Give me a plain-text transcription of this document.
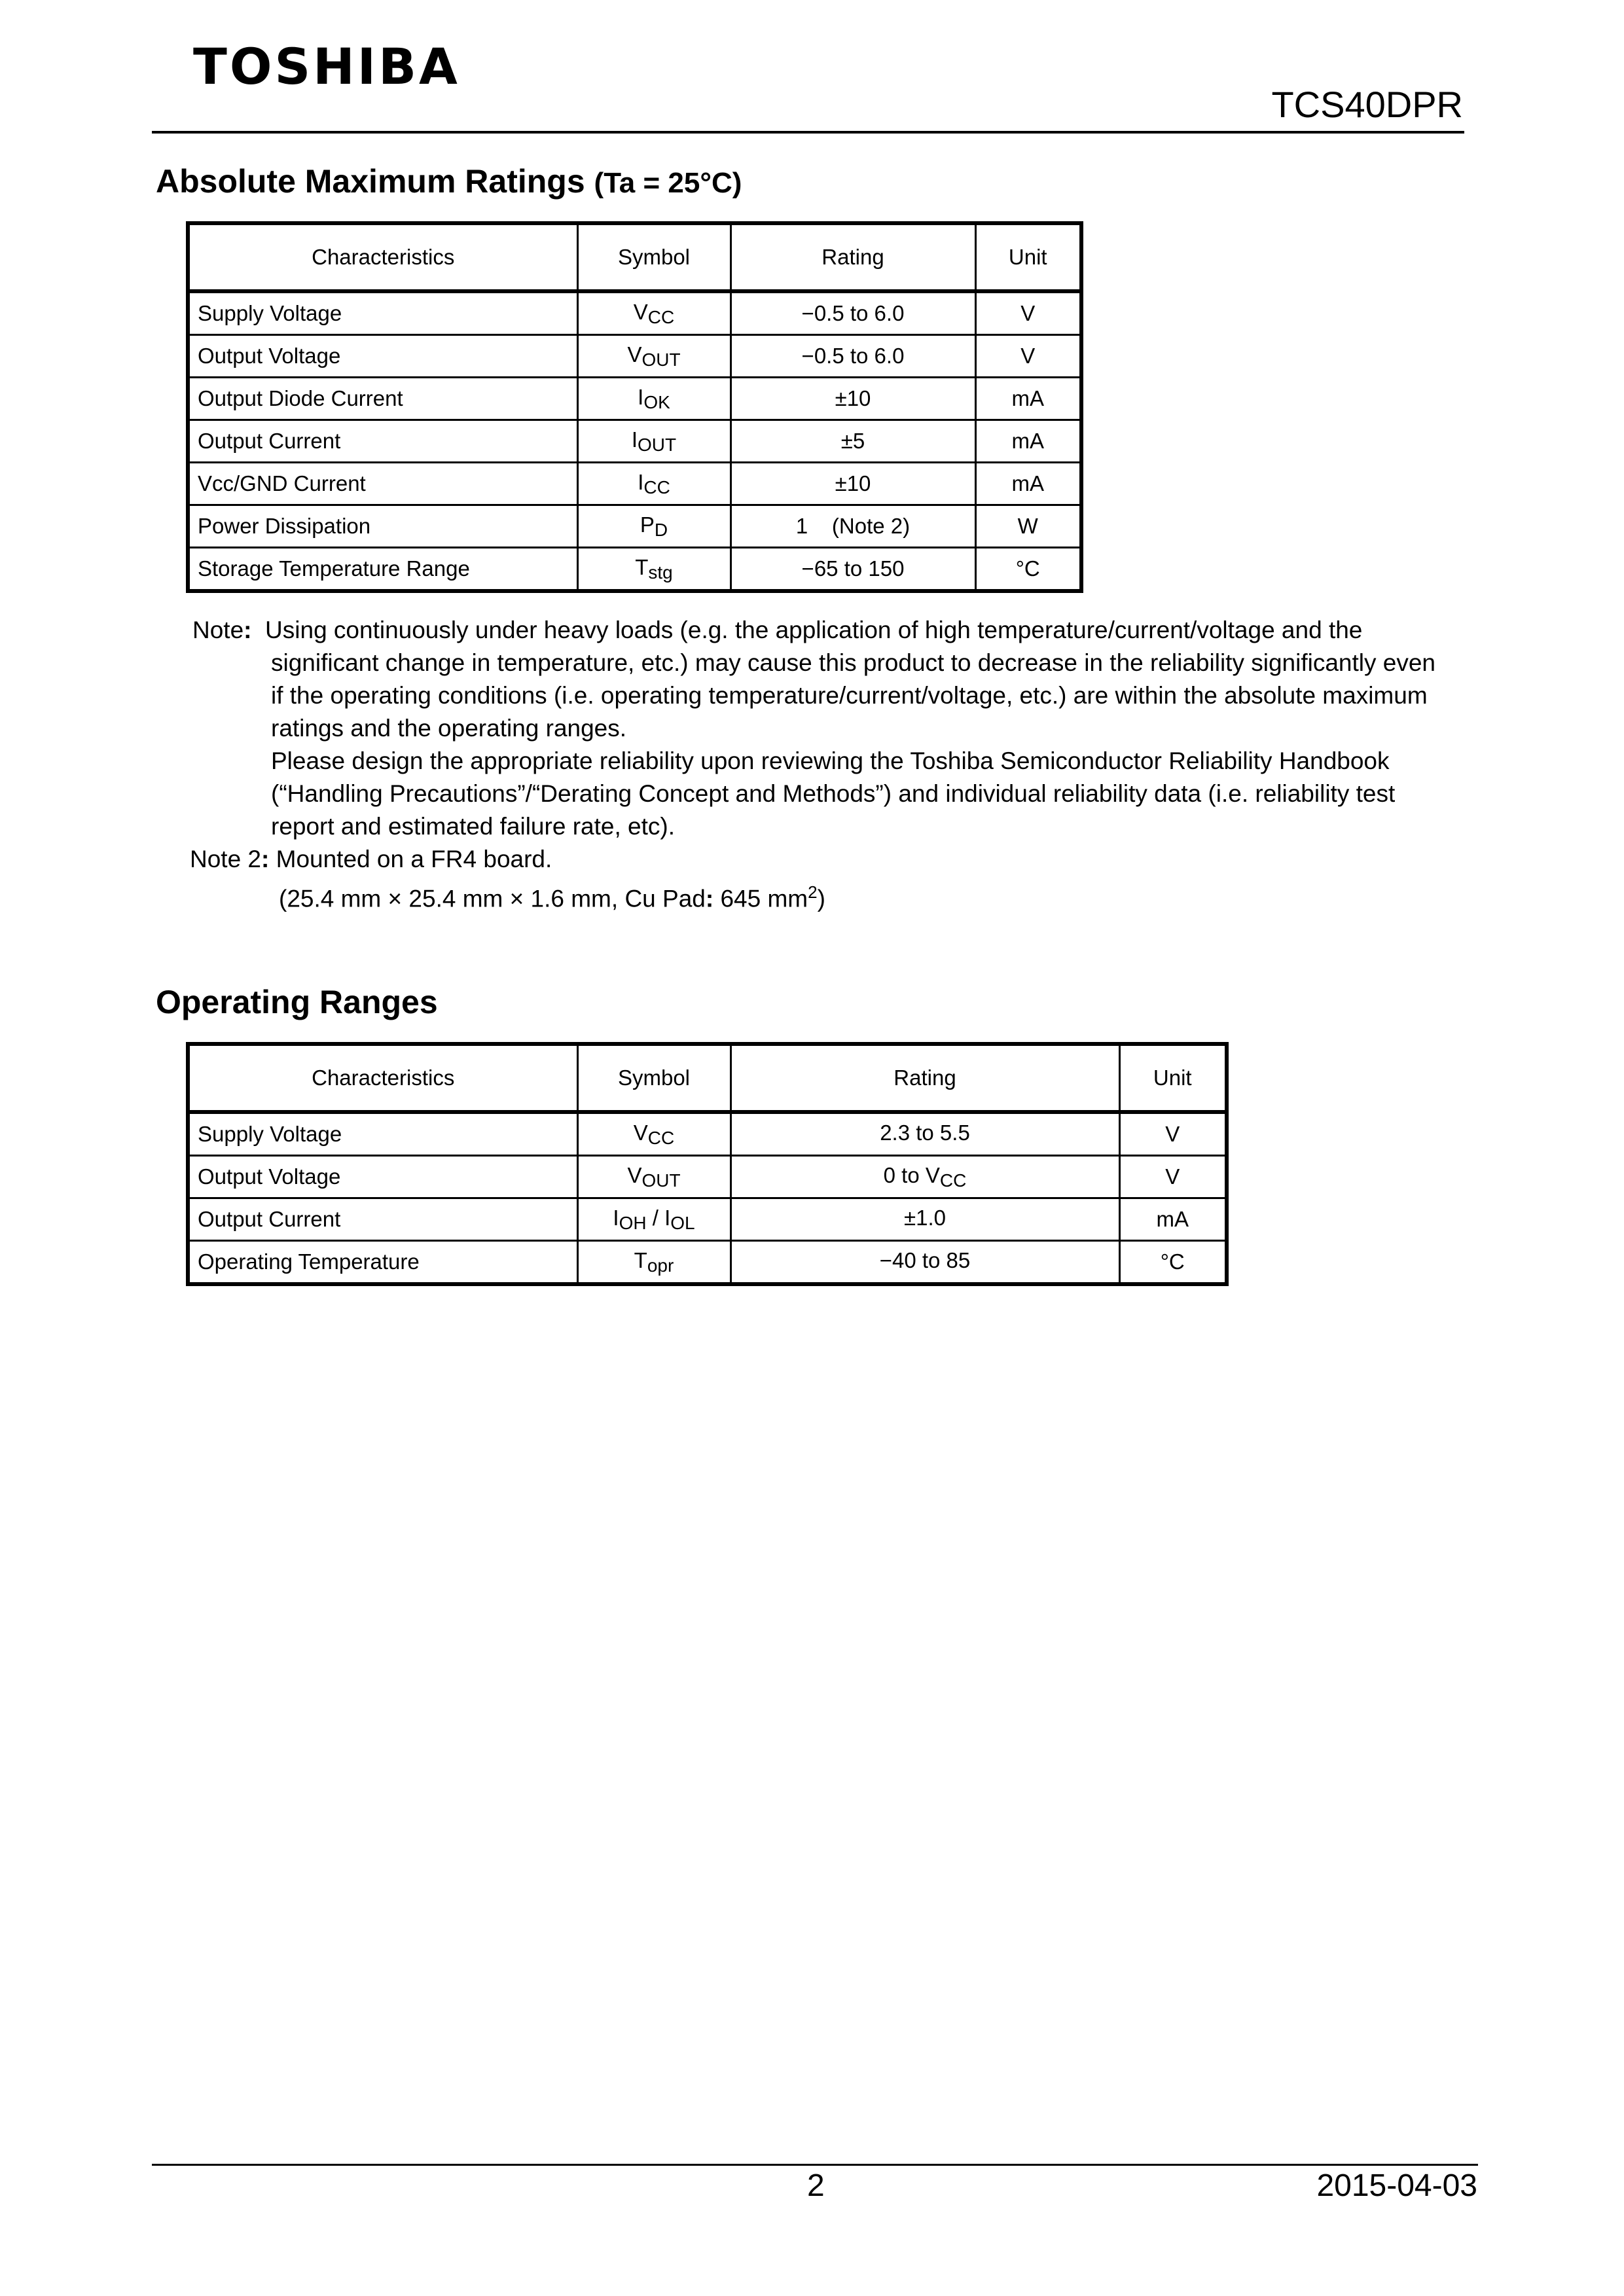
TOSHIBA
TCS40DPR
Absolute Maximum Ratings (Ta = 25°C)
Characteristics	Symbol	Rating	Unit
Supply Voltage	VCC	−0.5 to 6.0	V
Output Voltage	VOUT	−0.5 to 6.0	V
Output Diode Current	IOK	±10	mA
Output Current	IOUT	±5	mA
Vcc/GND Current	ICC	±10	mA
Power Dissipation	PD	1    (Note 2)	W
Storage Temperature Range	Tstg	−65 to 150	°C
Note: Using continuously under heavy loads (e.g. the application of high temperature/current/voltage and the
significant change in temperature, etc.) may cause this product to decrease in the reliability significantly even
if the operating conditions (i.e. operating temperature/current/voltage, etc.) are within the absolute maximum
ratings and the operating ranges.
Please design the appropriate reliability upon reviewing the Toshiba Semiconductor Reliability Handbook
(“Handling Precautions”/“Derating Concept and Methods”) and individual reliability data (i.e. reliability test
report and estimated failure rate, etc).
Note 2: Mounted on a FR4 board.
(25.4 mm × 25.4 mm × 1.6 mm, Cu Pad: 645 $mm^2$)
Operating Ranges
Characteristics	Symbol	Rating	Unit
Supply Voltage	VCC	2.3 to 5.5	V
Output Voltage	VOUT	0 to VCC	V
Output Current	IOH / IOL	±1.0	mA
Operating Temperature	Topr	−40 to 85	°C
2	2015-04-03
